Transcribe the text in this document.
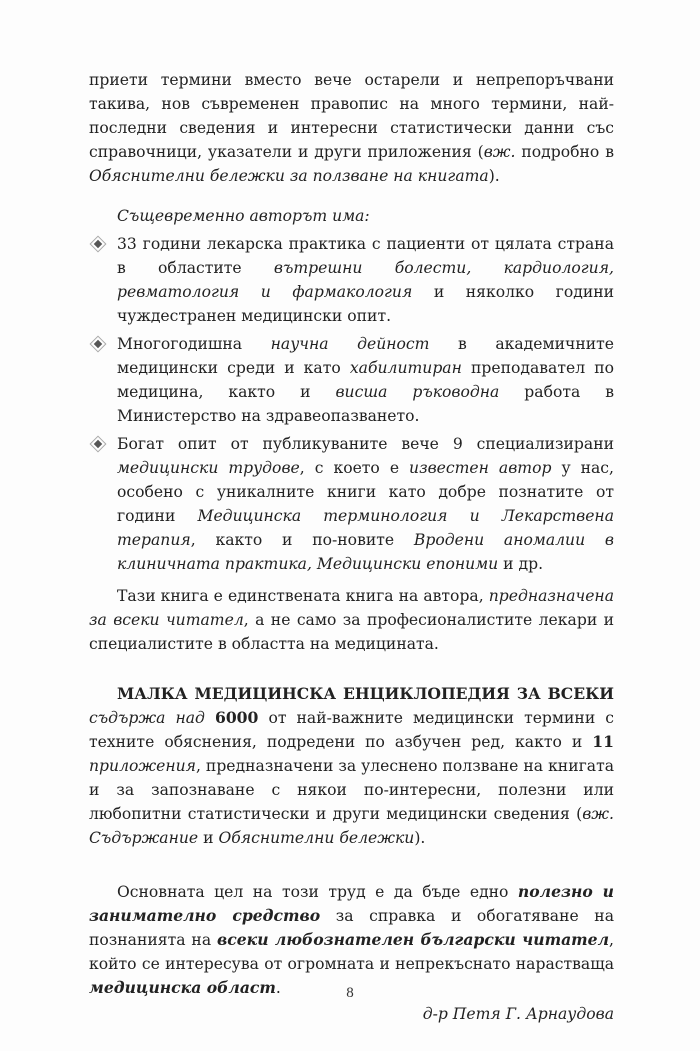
приети термини вместо вече остарели и непрепоръчвани такива, нов съвременен правопис на много термини, най-последни сведения и интересни статистически данни със справочници, указатели и други приложения (вж. подробно в Обяснителни бележки за ползване на книгата).

Същевременно авторът има:

33 години лекарска практика с пациенти от цялата страна в областите вътрешни болести, кардиология, ревматология и фармакология и няколко години чуждестранен медицински опит.
Многогодишна научна дейност в академичните медицински среди и като хабилитиран преподавател по медицина, както и висша ръководна работа в Министерство на здравеопазването.
Богат опит от публикуваните вече 9 специализирани медицински трудове, с което е известен автор у нас, особено с уникалните книги като добре познатите от години Медицинска терминология и Лекарствена терапия, както и по-новите Вродени аномалии в клиничната практика, Медицински епоними и др.

Тази книга е единствената книга на автора, предназначена за всеки читател, а не само за професионалистите лекари и специалистите в областта на медицината.

МАЛКА МЕДИЦИНСКА ЕНЦИКЛОПЕДИЯ ЗА ВСЕКИ съдържа над 6000 от най-важните медицински термини с техните обяснения, подредени по азбучен ред, както и 11 приложения, предназначени за улеснено ползване на книгата и за запознаване с някои по-интересни, полезни или любопитни статистически и други медицински сведения (вж. Съдържание и Обяснителни бележки).

Основната цел на този труд е да бъде едно полезно и занимателно средство за справка и обогатяване на познанията на всеки любознателен български читател, който се интересува от огромната и непрекъснато нарастваща медицинска област.

д-р Петя Г. Арнаудова

8
